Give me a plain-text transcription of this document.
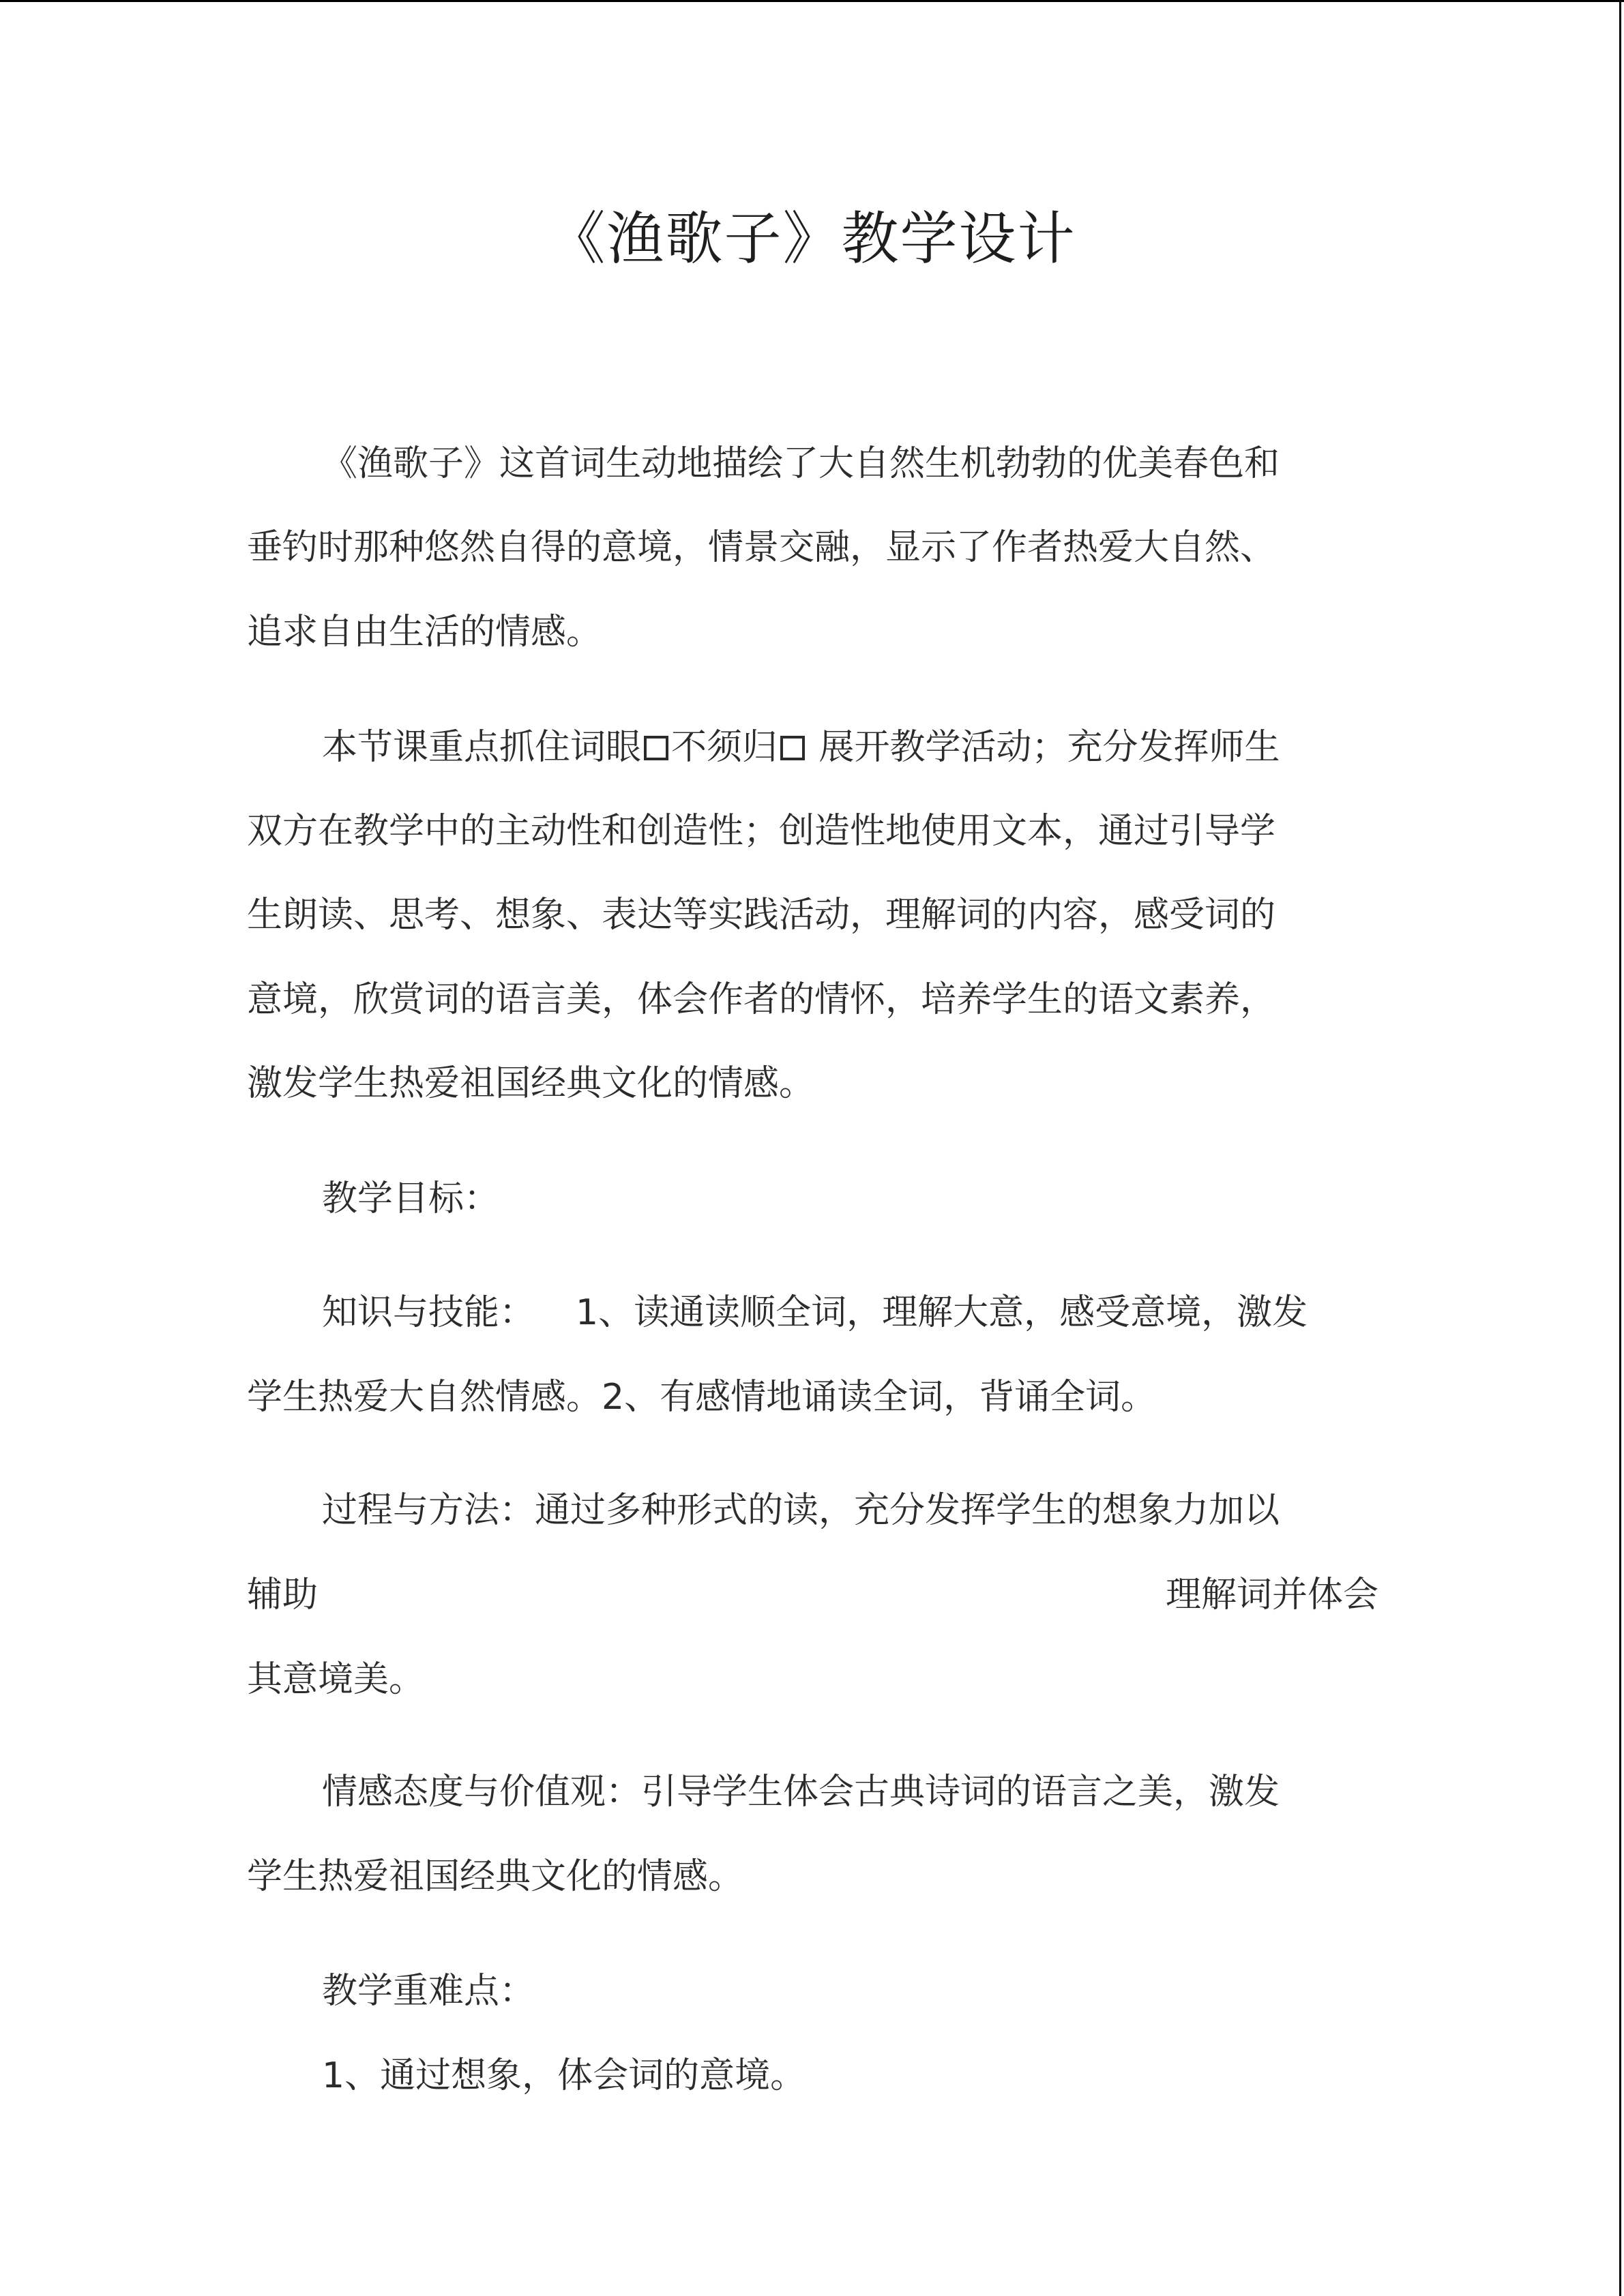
《渔歌子》教学设计
《渔歌子》这首词生动地描绘了大自然生机勃勃的优美春色和
垂钓时那种悠然自得的意境，情景交融，显示了作者热爱大自然、
追求自由生活的情感。
本节课重点抓住词眼 不须归 展开教学活动；充分发挥师生
双方在教学中的主动性和创造性；创造性地使用文本，通过引导学
生朗读、思考、想象、表达等实践活动，理解词的内容，感受词的
意境，欣赏词的语言美，体会作者的情怀，培养学生的语文素养，
激发学生热爱祖国经典文化的情感。
教学目标：
知识与技能： 1、读通读顺全词，理解大意，感受意境，激发
学生热爱大自然情感。2、有感情地诵读全词，背诵全词。
过程与方法：通过多种形式的读，充分发挥学生的想象力加以
辅助	理解词并体会
其意境美。
情感态度与价值观：引导学生体会古典诗词的语言之美，激发
学生热爱祖国经典文化的情感。
教学重难点：
1、通过想象，体会词的意境。
